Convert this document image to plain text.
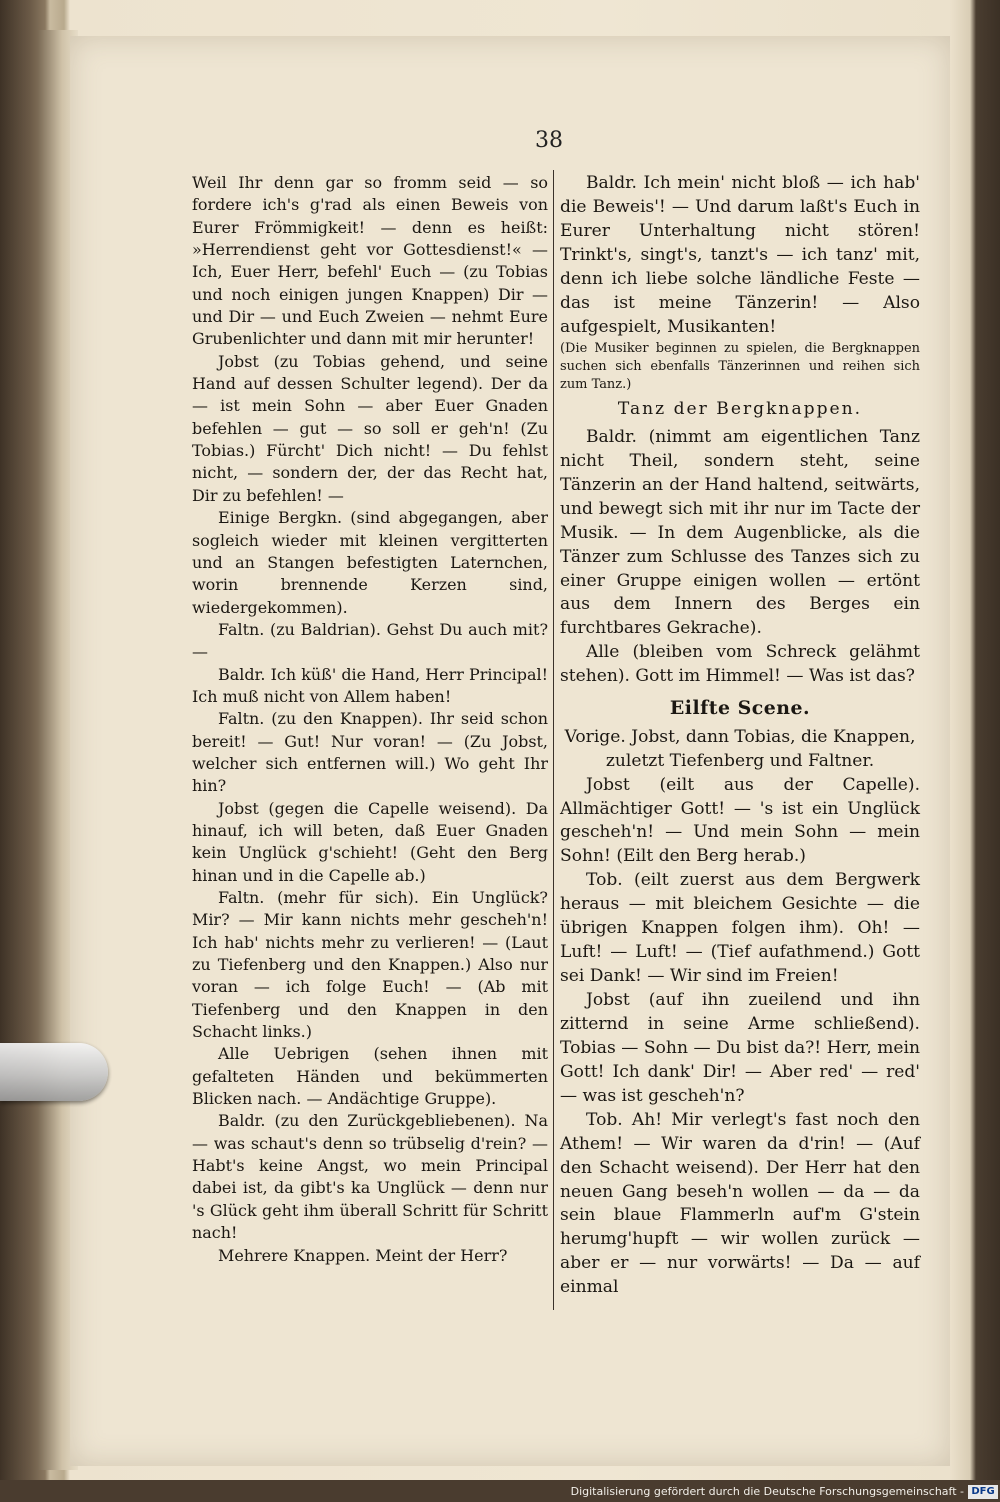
38

Weil Ihr denn gar so fromm seid — so fordere ich's g'rad als einen Beweis von Eurer Frömmigkeit! — denn es heißt: »Herrendienst geht vor Gottesdienst!« — Ich, Euer Herr, befehl' Euch — (zu Tobias und noch einigen jungen Knappen) Dir — und Dir — und Euch Zweien — nehmt Eure Grubenlichter und dann mit mir herunter!

Jobst (zu Tobias gehend, und seine Hand auf dessen Schulter legend). Der da — ist mein Sohn — aber Euer Gnaden befehlen — gut — so soll er geh'n! (Zu Tobias.) Fürcht' Dich nicht! — Du fehlst nicht, — sondern der, der das Recht hat, Dir zu befehlen! —

Einige Bergkn. (sind abgegangen, aber sogleich wieder mit kleinen vergitterten und an Stangen befestigten Laternchen, worin brennende Kerzen sind, wiedergekommen).

Faltn. (zu Baldrian). Gehst Du auch mit? —

Baldr. Ich küß' die Hand, Herr Principal! Ich muß nicht von Allem haben!

Faltn. (zu den Knappen). Ihr seid schon bereit! — Gut! Nur voran! — (Zu Jobst, welcher sich entfernen will.) Wo geht Ihr hin?

Jobst (gegen die Capelle weisend). Da hinauf, ich will beten, daß Euer Gnaden kein Unglück g'schieht! (Geht den Berg hinan und in die Capelle ab.)

Faltn. (mehr für sich). Ein Unglück? Mir? — Mir kann nichts mehr gescheh'n! Ich hab' nichts mehr zu verlieren! — (Laut zu Tiefenberg und den Knappen.) Also nur voran — ich folge Euch! — (Ab mit Tiefenberg und den Knappen in den Schacht links.)

Alle Uebrigen (sehen ihnen mit gefalteten Händen und bekümmerten Blicken nach. — Andächtige Gruppe).

Baldr. (zu den Zurückgebliebenen). Na — was schaut's denn so trübselig d'rein? — Habt's keine Angst, wo mein Principal dabei ist, da gibt's ka Unglück — denn nur 's Glück geht ihm überall Schritt für Schritt nach!

Mehrere Knappen. Meint der Herr?

Baldr. Ich mein' nicht bloß — ich hab' die Beweis'! — Und darum laßt's Euch in Eurer Unterhaltung nicht stören! Trinkt's, singt's, tanzt's — ich tanz' mit, denn ich liebe solche ländliche Feste — das ist meine Tänzerin! — Also aufgespielt, Musikanten!

(Die Musiker beginnen zu spielen, die Bergknappen suchen sich ebenfalls Tänzerinnen und reihen sich zum Tanz.)

Tanz der Bergknappen.

Baldr. (nimmt am eigentlichen Tanz nicht Theil, sondern steht, seine Tänzerin an der Hand haltend, seitwärts, und bewegt sich mit ihr nur im Tacte der Musik. — In dem Augenblicke, als die Tänzer zum Schlusse des Tanzes sich zu einer Gruppe einigen wollen — ertönt aus dem Innern des Berges ein furchtbares Gekrache).

Alle (bleiben vom Schreck gelähmt stehen). Gott im Himmel! — Was ist das?

Eilfte Scene.

Vorige. Jobst, dann Tobias, die Knappen, zuletzt Tiefenberg und Faltner.

Jobst (eilt aus der Capelle). Allmächtiger Gott! — 's ist ein Unglück gescheh'n! — Und mein Sohn — mein Sohn! (Eilt den Berg herab.)

Tob. (eilt zuerst aus dem Bergwerk heraus — mit bleichem Gesichte — die übrigen Knappen folgen ihm). Oh! — Luft! — Luft! — (Tief aufathmend.) Gott sei Dank! — Wir sind im Freien!

Jobst (auf ihn zueilend und ihn zitternd in seine Arme schließend). Tobias — Sohn — Du bist da?! Herr, mein Gott! Ich dank' Dir! — Aber red' — red' — was ist gescheh'n?

Tob. Ah! Mir verlegt's fast noch den Athem! — Wir waren da d'rin! — (Auf den Schacht weisend). Der Herr hat den neuen Gang beseh'n wollen — da — da sein blaue Flammerln auf'm G'stein herumg'hupft — wir wollen zurück — aber er — nur vorwärts! — Da — auf einmal

Digitalisierung gefördert durch die Deutsche Forschungsgemeinschaft - DFG
